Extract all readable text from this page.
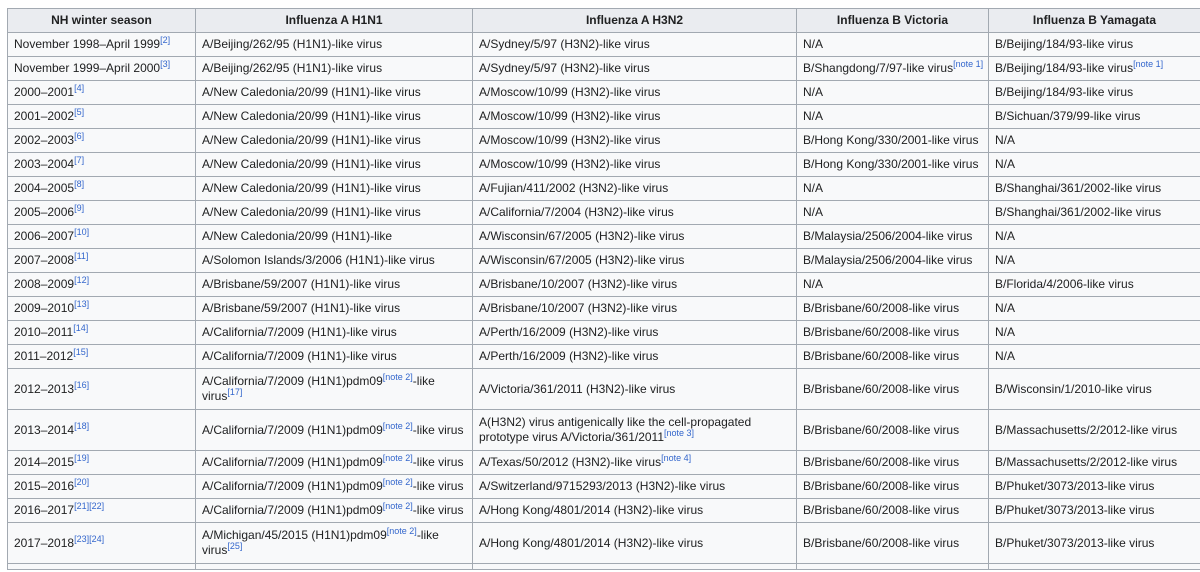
NH winter season	Influenza A H1N1	Influenza A H3N2	Influenza B Victoria	Influenza B Yamagata
November 1998–April 1999[2]	A/Beijing/262/95 (H1N1)-like virus	A/Sydney/5/97 (H3N2)-like virus	N/A	B/Beijing/184/93-like virus
November 1999–April 2000[3]	A/Beijing/262/95 (H1N1)-like virus	A/Sydney/5/97 (H3N2)-like virus	B/Shangdong/7/97-like virus[note 1]	B/Beijing/184/93-like virus[note 1]
2000–2001[4]	A/New Caledonia/20/99 (H1N1)-like virus	A/Moscow/10/99 (H3N2)-like virus	N/A	B/Beijing/184/93-like virus
2001–2002[5]	A/New Caledonia/20/99 (H1N1)-like virus	A/Moscow/10/99 (H3N2)-like virus	N/A	B/Sichuan/379/99-like virus
2002–2003[6]	A/New Caledonia/20/99 (H1N1)-like virus	A/Moscow/10/99 (H3N2)-like virus	B/Hong Kong/330/2001-like virus	N/A
2003–2004[7]	A/New Caledonia/20/99 (H1N1)-like virus	A/Moscow/10/99 (H3N2)-like virus	B/Hong Kong/330/2001-like virus	N/A
2004–2005[8]	A/New Caledonia/20/99 (H1N1)-like virus	A/Fujian/411/2002 (H3N2)-like virus	N/A	B/Shanghai/361/2002-like virus
2005–2006[9]	A/New Caledonia/20/99 (H1N1)-like virus	A/California/7/2004 (H3N2)-like virus	N/A	B/Shanghai/361/2002-like virus
2006–2007[10]	A/New Caledonia/20/99 (H1N1)-like	A/Wisconsin/67/2005 (H3N2)-like virus	B/Malaysia/2506/2004-like virus	N/A
2007–2008[11]	A/Solomon Islands/3/2006 (H1N1)-like virus	A/Wisconsin/67/2005 (H3N2)-like virus	B/Malaysia/2506/2004-like virus	N/A
2008–2009[12]	A/Brisbane/59/2007 (H1N1)-like virus	A/Brisbane/10/2007 (H3N2)-like virus	N/A	B/Florida/4/2006-like virus
2009–2010[13]	A/Brisbane/59/2007 (H1N1)-like virus	A/Brisbane/10/2007 (H3N2)-like virus	B/Brisbane/60/2008-like virus	N/A
2010–2011[14]	A/California/7/2009 (H1N1)-like virus	A/Perth/16/2009 (H3N2)-like virus	B/Brisbane/60/2008-like virus	N/A
2011–2012[15]	A/California/7/2009 (H1N1)-like virus	A/Perth/16/2009 (H3N2)-like virus	B/Brisbane/60/2008-like virus	N/A
2012–2013[16]	A/California/7/2009 (H1N1)pdm09[note 2]-like virus[17]	A/Victoria/361/2011 (H3N2)-like virus	B/Brisbane/60/2008-like virus	B/Wisconsin/1/2010-like virus
2013–2014[18]	A/California/7/2009 (H1N1)pdm09[note 2]-like virus	A(H3N2) virus antigenically like the cell-propagated prototype virus A/Victoria/361/2011[note 3]	B/Brisbane/60/2008-like virus	B/Massachusetts/2/2012-like virus
2014–2015[19]	A/California/7/2009 (H1N1)pdm09[note 2]-like virus	A/Texas/50/2012 (H3N2)-like virus[note 4]	B/Brisbane/60/2008-like virus	B/Massachusetts/2/2012-like virus
2015–2016[20]	A/California/7/2009 (H1N1)pdm09[note 2]-like virus	A/Switzerland/9715293/2013 (H3N2)-like virus	B/Brisbane/60/2008-like virus	B/Phuket/3073/2013-like virus
2016–2017[21][22]	A/California/7/2009 (H1N1)pdm09[note 2]-like virus	A/Hong Kong/4801/2014 (H3N2)-like virus	B/Brisbane/60/2008-like virus	B/Phuket/3073/2013-like virus
2017–2018[23][24]	A/Michigan/45/2015 (H1N1)pdm09[note 2]-like virus[25]	A/Hong Kong/4801/2014 (H3N2)-like virus	B/Brisbane/60/2008-like virus	B/Phuket/3073/2013-like virus
